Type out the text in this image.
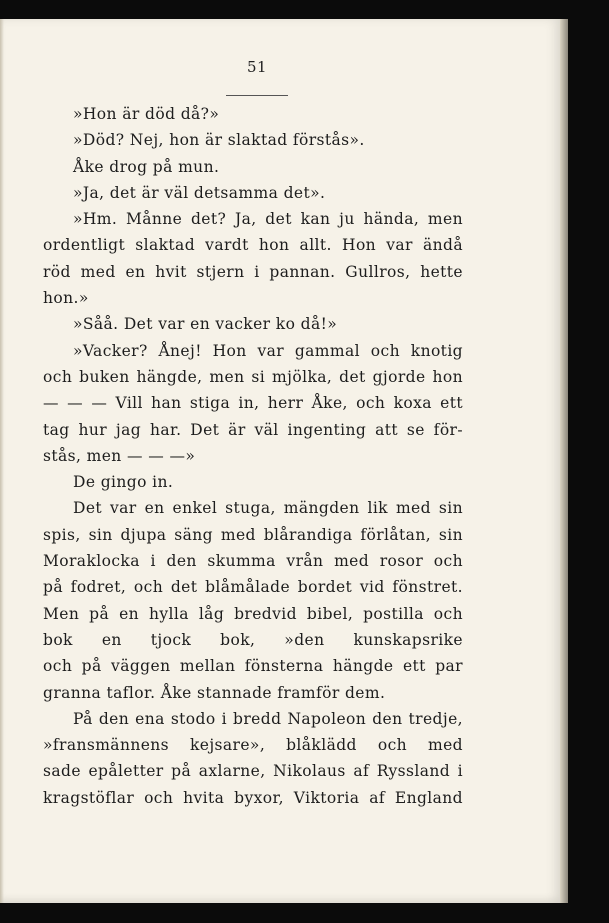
51
»Hon är död då?»
»Död? Nej, hon är slaktad förstås».
Åke drog på mun.
»Ja, det är väl detsamma det».
»Hm. Månne det? Ja, det kan ju hända, men
ordentligt slaktad vardt hon allt. Hon var ändå
röd med en hvit stjern i pannan. Gullros, hette
hon.»
»Såå. Det var en vacker ko då!»
»Vacker? Ånej! Hon var gammal och knotig
och buken hängde, men si mjölka, det gjorde hon
— — — Vill han stiga in, herr Åke, och koxa ett
tag hur jag har. Det är väl ingenting att se för-
stås, men — — —»
De gingo in.
Det var en enkel stuga, mängden lik med sin
spis, sin djupa säng med blårandiga förlåtan, sin
Moraklocka i den skumma vrån med rosor och
på fodret, och det blåmålade bordet vid fönstret.
Men på en hylla låg bredvid bibel, postilla och
bok en tjock bok, »den kunskapsrike
och på väggen mellan fönsterna hängde ett par
granna taflor. Åke stannade framför dem.
På den ena stodo i bredd Napoleon den tredje,
»fransmännens kejsare», blåklädd och med
sade epåletter på axlarne, Nikolaus af Ryssland i
kragstöflar och hvita byxor, Viktoria af England
